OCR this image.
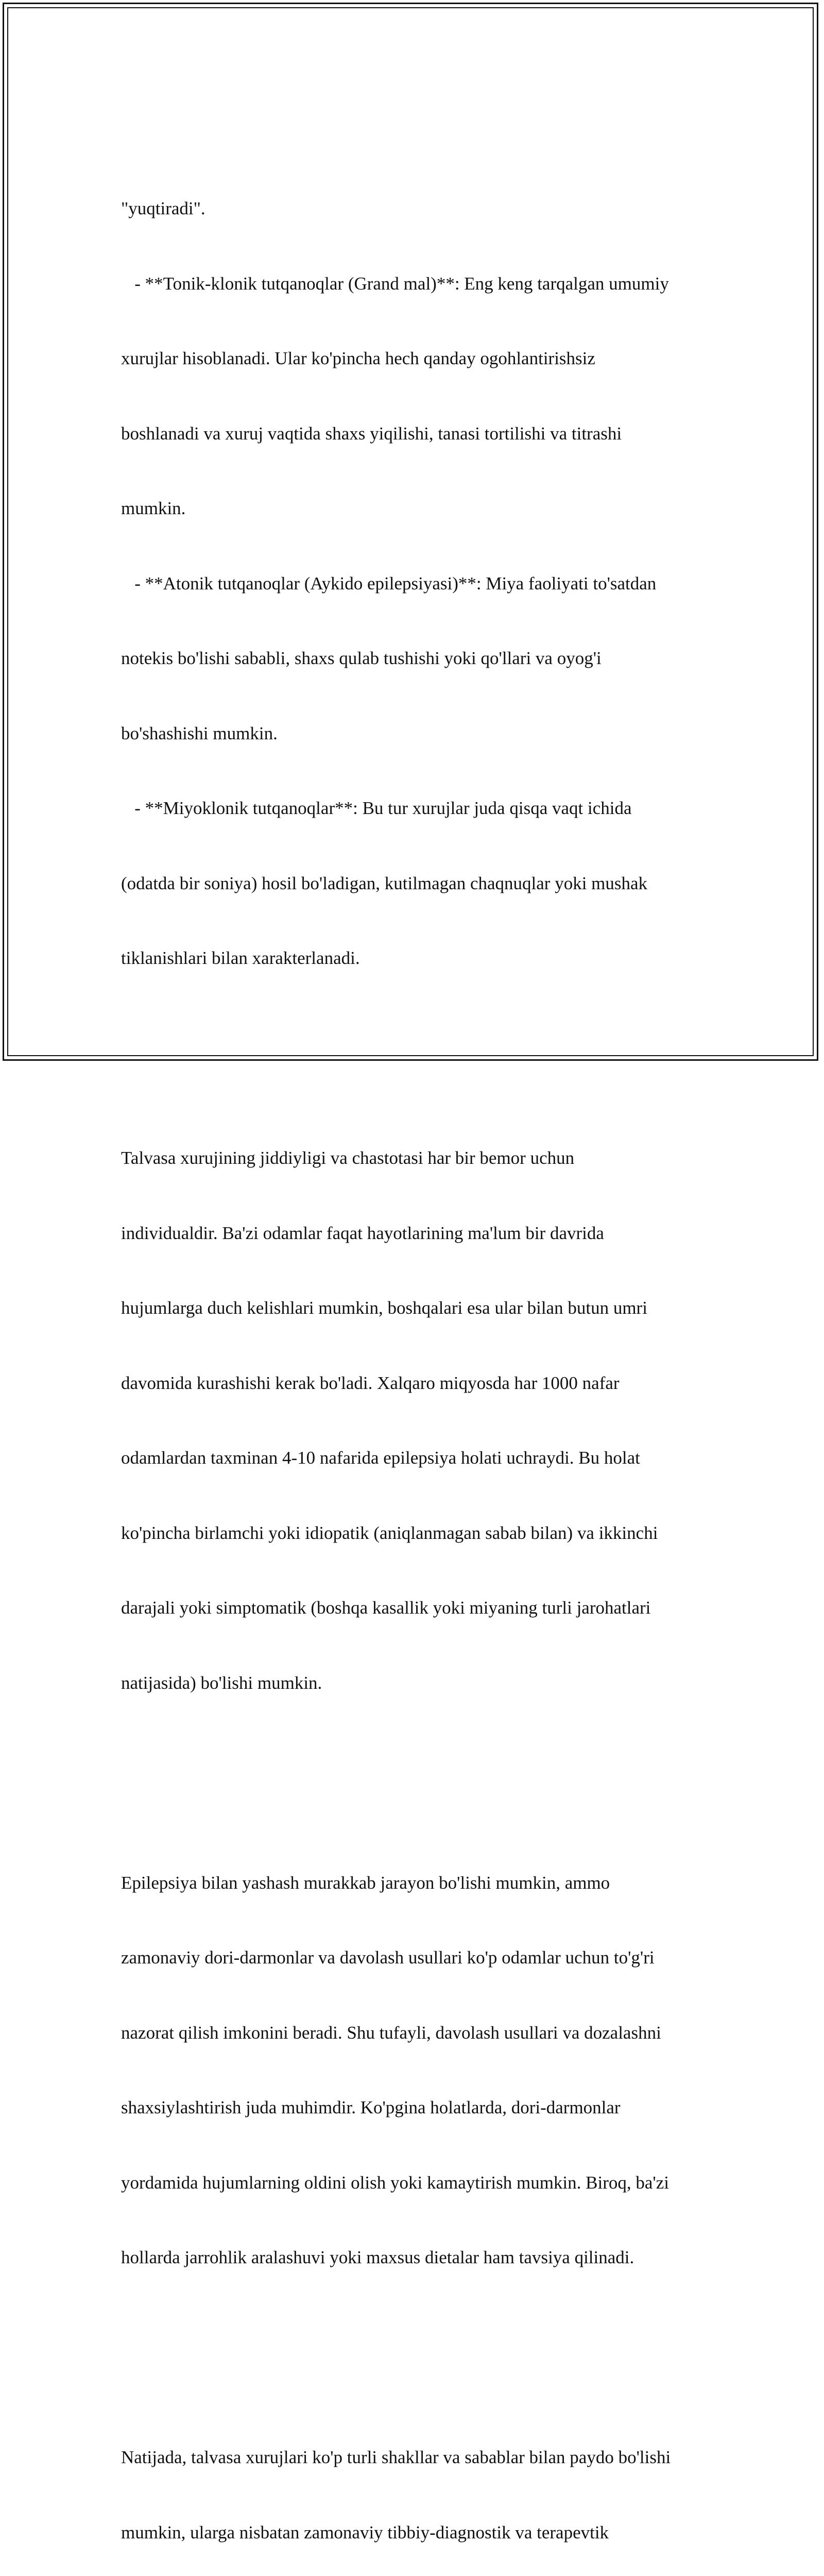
"yuqtiradi".

- **Tonik-klonik tutqanoqlar (Grand mal)**: Eng keng tarqalgan umumiy

xurujlar hisoblanadi. Ular ko'pincha hech qanday ogohlantirishsiz

boshlanadi va xuruj vaqtida shaxs yiqilishi, tanasi tortilishi va titrashi

mumkin.

- **Atonik tutqanoqlar (Aykido epilepsiyasi)**: Miya faoliyati to'satdan

notekis bo'lishi sababli, shaxs qulab tushishi yoki qo'llari va oyog'i

bo'shashishi mumkin.

- **Miyoklonik tutqanoqlar**: Bu tur xurujlar juda qisqa vaqt ichida

(odatda bir soniya) hosil bo'ladigan, kutilmagan chaqnuqlar yoki mushak

tiklanishlari bilan xarakterlanadi.

Talvasa xurujining jiddiyligi va chastotasi har bir bemor uchun

individualdir. Ba'zi odamlar faqat hayotlarining ma'lum bir davrida

hujumlarga duch kelishlari mumkin, boshqalari esa ular bilan butun umri

davomida kurashishi kerak bo'ladi. Xalqaro miqyosda har 1000 nafar

odamlardan taxminan 4-10 nafarida epilepsiya holati uchraydi. Bu holat

ko'pincha birlamchi yoki idiopatik (aniqlanmagan sabab bilan) va ikkinchi

darajali yoki simptomatik (boshqa kasallik yoki miyaning turli jarohatlari

natijasida) bo'lishi mumkin.

Epilepsiya bilan yashash murakkab jarayon bo'lishi mumkin, ammo

zamonaviy dori-darmonlar va davolash usullari ko'p odamlar uchun to'g'ri

nazorat qilish imkonini beradi. Shu tufayli, davolash usullari va dozalashni

shaxsiylashtirish juda muhimdir. Ko'pgina holatlarda, dori-darmonlar

yordamida hujumlarning oldini olish yoki kamaytirish mumkin. Biroq, ba'zi

hollarda jarrohlik aralashuvi yoki maxsus dietalar ham tavsiya qilinadi.

Natijada, talvasa xurujlari ko'p turli shakllar va sabablar bilan paydo bo'lishi

mumkin, ularga nisbatan zamonaviy tibbiy-diagnostik va terapevtik
